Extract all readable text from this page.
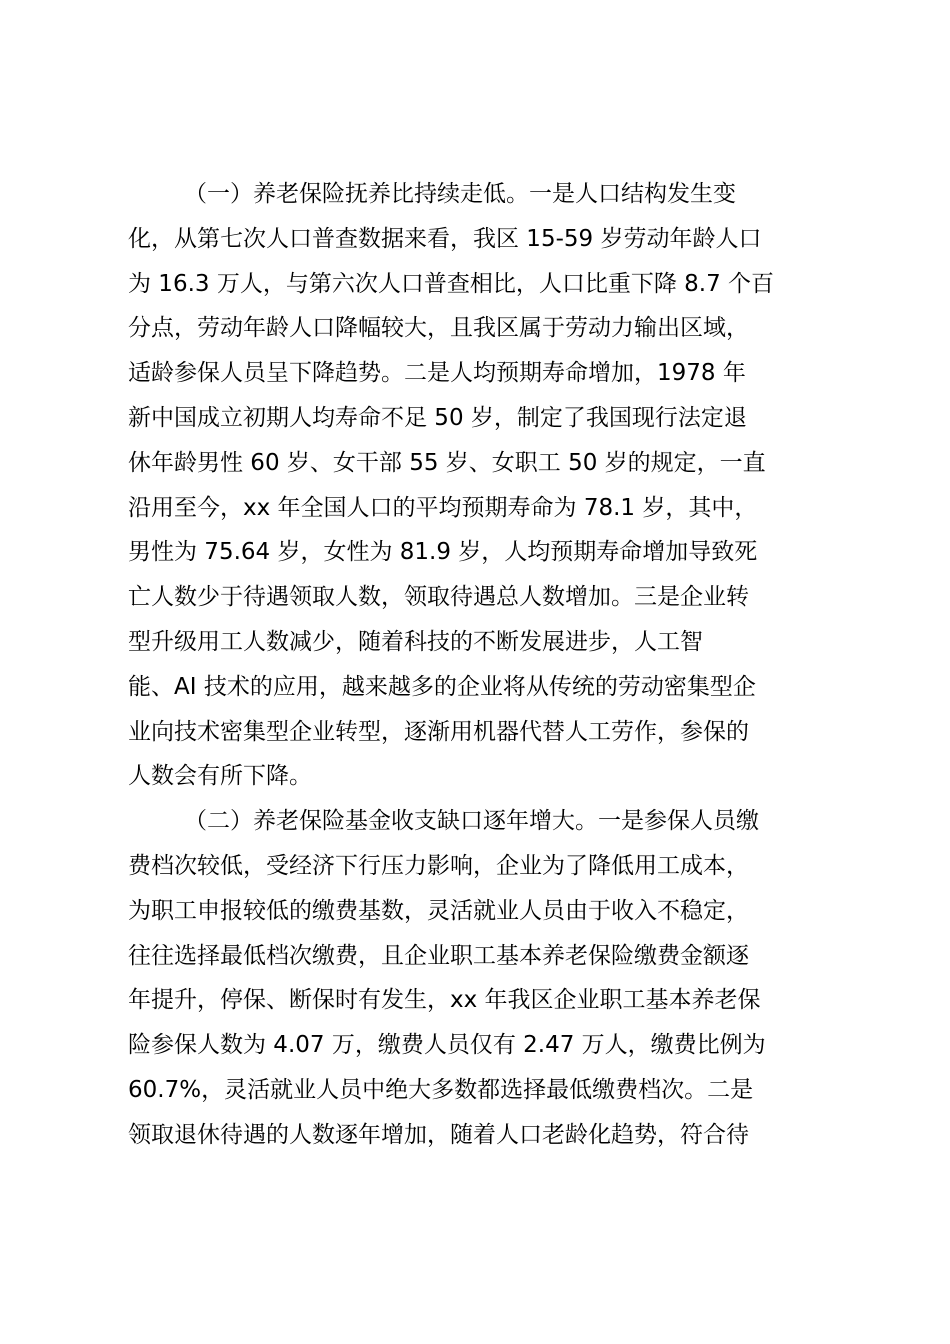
（一）养老保险抚养比持续走低。一是人口结构发生变
化，从第七次人口普查数据来看，我区 15-59 岁劳动年龄人口
为 16.3 万人，与第六次人口普查相比，人口比重下降 8.7 个百
分点，劳动年龄人口降幅较大，且我区属于劳动力输出区域，
适龄参保人员呈下降趋势。二是人均预期寿命增加，1978 年
新中国成立初期人均寿命不足 50 岁，制定了我国现行法定退
休年龄男性 60 岁、女干部 55 岁、女职工 50 岁的规定，一直
沿用至今，xx 年全国人口的平均预期寿命为 78.1 岁，其中，
男性为 75.64 岁，女性为 81.9 岁，人均预期寿命增加导致死
亡人数少于待遇领取人数，领取待遇总人数增加。三是企业转
型升级用工人数减少，随着科技的不断发展进步，人工智
能、AI 技术的应用，越来越多的企业将从传统的劳动密集型企
业向技术密集型企业转型，逐渐用机器代替人工劳作，参保的
人数会有所下降。
（二）养老保险基金收支缺口逐年增大。一是参保人员缴
费档次较低，受经济下行压力影响，企业为了降低用工成本，
为职工申报较低的缴费基数，灵活就业人员由于收入不稳定，
往往选择最低档次缴费，且企业职工基本养老保险缴费金额逐
年提升，停保、断保时有发生，xx 年我区企业职工基本养老保
险参保人数为 4.07 万，缴费人员仅有 2.47 万人，缴费比例为
60.7%，灵活就业人员中绝大多数都选择最低缴费档次。二是
领取退休待遇的人数逐年增加，随着人口老龄化趋势，符合待
